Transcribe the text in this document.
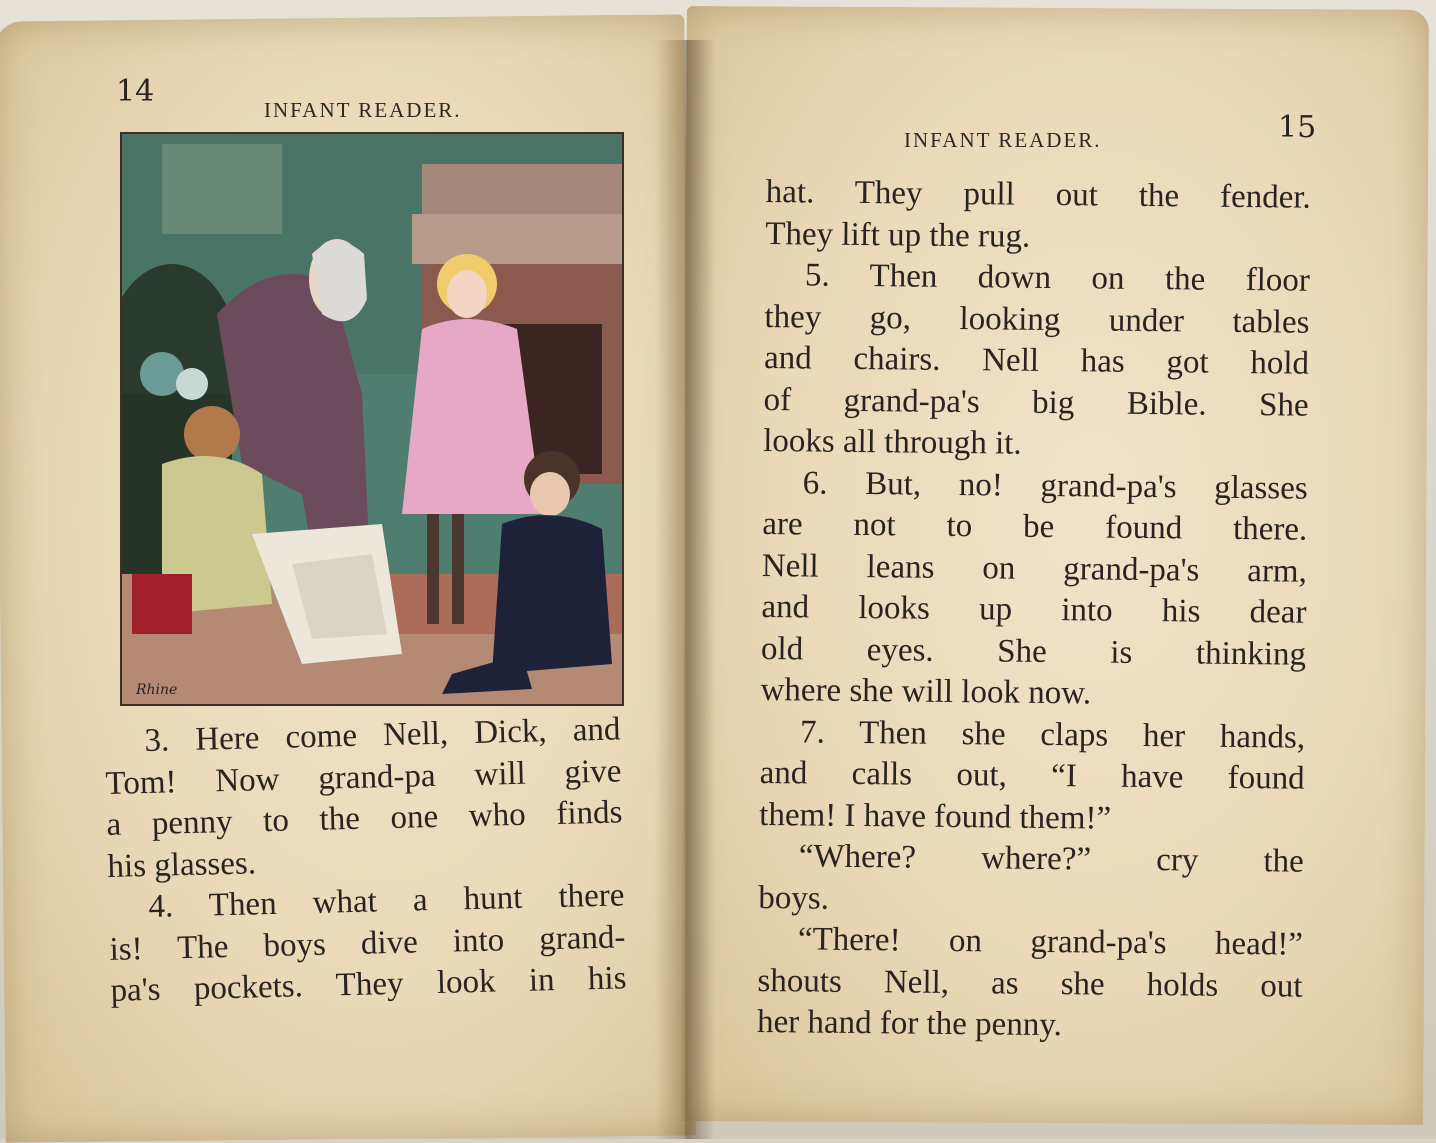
14
INFANT READER.
Rhine
3. Here come Nell, Dick, and
Tom! Now grand-pa will give
a penny to the one who finds
his glasses.
4. Then what a hunt there
is! The boys dive into grand-
pa's pockets. They look in his
15
INFANT READER.
hat. They pull out the fender.
They lift up the rug.
5. Then down on the floor
they go, looking under tables
and chairs. Nell has got hold
of grand-pa's big Bible. She
looks all through it.
6. But, no! grand-pa's glasses
are not to be found there.
Nell leans on grand-pa's arm,
and looks up into his dear
old eyes. She is thinking
where she will look now.
7. Then she claps her hands,
and calls out, “I have found
them! I have found them!”
“Where? where?” cry the
boys.
“There! on grand-pa's head!”
shouts Nell, as she holds out
her hand for the penny.
